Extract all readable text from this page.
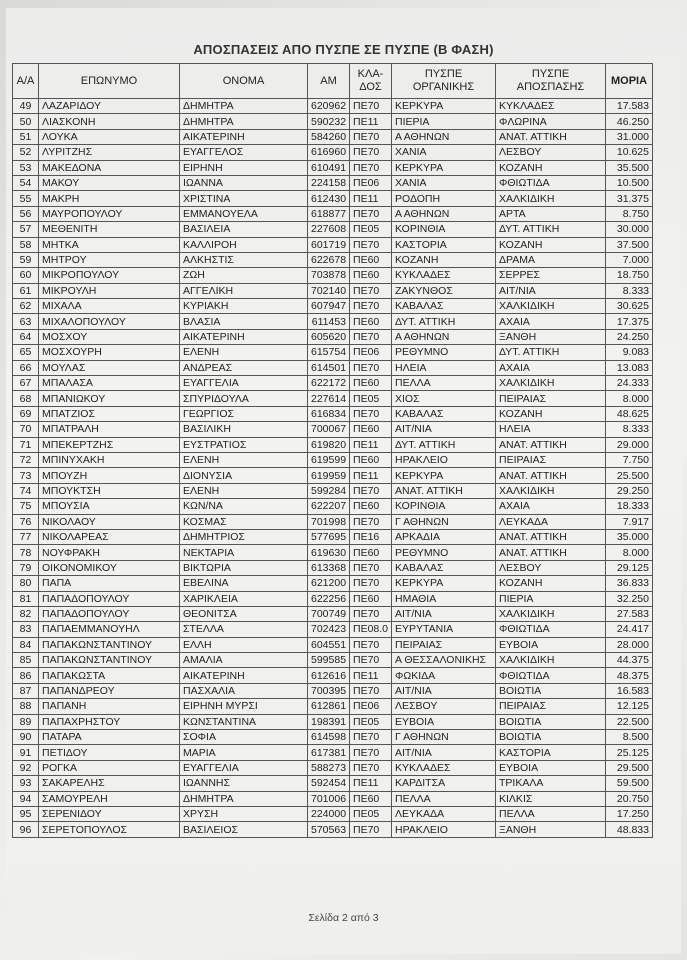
ΑΠΟΣΠΑΣΕΙΣ ΑΠΟ ΠΥΣΠΕ ΣΕ ΠΥΣΠΕ (Β ΦΑΣΗ)
Α/Α	ΕΠΩΝΥΜΟ	ΟΝΟΜΑ	ΑΜ	ΚΛΑ-ΔΟΣ	ΠΥΣΠΕ ΟΡΓΑΝΙΚΗΣ	ΠΥΣΠΕ ΑΠΟΣΠΑΣΗΣ	ΜΟΡΙΑ
49	ΛΑΖΑΡΙΔΟΥ	ΔΗΜΗΤΡΑ	620962	ΠΕ70	ΚΕΡΚΥΡΑ	ΚΥΚΛΑΔΕΣ	17.583
50	ΛΙΑΣΚΟΝΗ	ΔΗΜΗΤΡΑ	590232	ΠΕ11	ΠΙΕΡΙΑ	ΦΛΩΡΙΝΑ	46.250
51	ΛΟΥΚΑ	ΑΙΚΑΤΕΡΙΝΗ	584260	ΠΕ70	Α ΑΘΗΝΩΝ	ΑΝΑΤ. ΑΤΤΙΚΗ	31.000
52	ΛΥΡΙΤΖΗΣ	ΕΥΑΓΓΕΛΟΣ	616960	ΠΕ70	ΧΑΝΙΑ	ΛΕΣΒΟΥ	10.625
53	ΜΑΚΕΔΟΝΑ	ΕΙΡΗΝΗ	610491	ΠΕ70	ΚΕΡΚΥΡΑ	ΚΟΖΑΝΗ	35.500
54	ΜΑΚΟΥ	ΙΩΑΝΝΑ	224158	ΠΕ06	ΧΑΝΙΑ	ΦΘΙΩΤΙΔΑ	10.500
55	ΜΑΚΡΗ	ΧΡΙΣΤΙΝΑ	612430	ΠΕ11	ΡΟΔΟΠΗ	ΧΑΛΚΙΔΙΚΗ	31.375
56	ΜΑΥΡΟΠΟΥΛΟΥ	ΕΜΜΑΝΟΥΕΛΑ	618877	ΠΕ70	Α ΑΘΗΝΩΝ	ΑΡΤΑ	8.750
57	ΜΕΘΕΝΙΤΗ	ΒΑΣΙΛΕΙΑ	227608	ΠΕ05	ΚΟΡΙΝΘΙΑ	ΔΥΤ. ΑΤΤΙΚΗ	30.000
58	ΜΗΤΚΑ	ΚΑΛΛΙΡΟΗ	601719	ΠΕ70	ΚΑΣΤΟΡΙΑ	ΚΟΖΑΝΗ	37.500
59	ΜΗΤΡΟΥ	ΑΛΚΗΣΤΙΣ	622678	ΠΕ60	ΚΟΖΑΝΗ	ΔΡΑΜΑ	7.000
60	ΜΙΚΡΟΠΟΥΛΟΥ	ΖΩΗ	703878	ΠΕ60	ΚΥΚΛΑΔΕΣ	ΣΕΡΡΕΣ	18.750
61	ΜΙΚΡΟΥΛΗ	ΑΓΓΕΛΙΚΗ	702140	ΠΕ70	ΖΑΚΥΝΘΟΣ	ΑΙΤ/ΝΙΑ	8.333
62	ΜΙΧΑΛΑ	ΚΥΡΙΑΚΗ	607947	ΠΕ70	ΚΑΒΑΛΑΣ	ΧΑΛΚΙΔΙΚΗ	30.625
63	ΜΙΧΑΛΟΠΟΥΛΟΥ	ΒΛΑΣΙΑ	611453	ΠΕ60	ΔΥΤ. ΑΤΤΙΚΗ	ΑΧΑΙΑ	17.375
64	ΜΟΣΧΟΥ	ΑΙΚΑΤΕΡΙΝΗ	605620	ΠΕ70	Α ΑΘΗΝΩΝ	ΞΑΝΘΗ	24.250
65	ΜΟΣΧΟΥΡΗ	ΕΛΕΝΗ	615754	ΠΕ06	ΡΕΘΥΜΝΟ	ΔΥΤ. ΑΤΤΙΚΗ	9.083
66	ΜΟΥΛΑΣ	ΑΝΔΡΕΑΣ	614501	ΠΕ70	ΗΛΕΙΑ	ΑΧΑΙΑ	13.083
67	ΜΠΑΛΑΣΑ	ΕΥΑΓΓΕΛΙΑ	622172	ΠΕ60	ΠΕΛΛΑ	ΧΑΛΚΙΔΙΚΗ	24.333
68	ΜΠΑΝΙΩΚΟΥ	ΣΠΥΡΙΔΟΥΛΑ	227614	ΠΕ05	ΧΙΟΣ	ΠΕΙΡΑΙΑΣ	8.000
69	ΜΠΑΤΖΙΟΣ	ΓΕΩΡΓΙΟΣ	616834	ΠΕ70	ΚΑΒΑΛΑΣ	ΚΟΖΑΝΗ	48.625
70	ΜΠΑΤΡΑΛΗ	ΒΑΣΙΛΙΚΗ	700067	ΠΕ60	ΑΙΤ/ΝΙΑ	ΗΛΕΙΑ	8.333
71	ΜΠΕΚΕΡΤΖΗΣ	ΕΥΣΤΡΑΤΙΟΣ	619820	ΠΕ11	ΔΥΤ. ΑΤΤΙΚΗ	ΑΝΑΤ. ΑΤΤΙΚΗ	29.000
72	ΜΠΙΝΥΧΑΚΗ	ΕΛΕΝΗ	619599	ΠΕ60	ΗΡΑΚΛΕΙΟ	ΠΕΙΡΑΙΑΣ	7.750
73	ΜΠΟΥΖΗ	ΔΙΟΝΥΣΙΑ	619959	ΠΕ11	ΚΕΡΚΥΡΑ	ΑΝΑΤ. ΑΤΤΙΚΗ	25.500
74	ΜΠΟΥΚΤΣΗ	ΕΛΕΝΗ	599284	ΠΕ70	ΑΝΑΤ. ΑΤΤΙΚΗ	ΧΑΛΚΙΔΙΚΗ	29.250
75	ΜΠΟΥΣΙΑ	ΚΩΝ/ΝΑ	622207	ΠΕ60	ΚΟΡΙΝΘΙΑ	ΑΧΑΙΑ	18.333
76	ΝΙΚΟΛΑΟΥ	ΚΟΣΜΑΣ	701998	ΠΕ70	Γ ΑΘΗΝΩΝ	ΛΕΥΚΑΔΑ	7.917
77	ΝΙΚΟΛΑΡΕΑΣ	ΔΗΜΗΤΡΙΟΣ	577695	ΠΕ16	ΑΡΚΑΔΙΑ	ΑΝΑΤ. ΑΤΤΙΚΗ	35.000
78	ΝΟΥΦΡΑΚΗ	ΝΕΚΤΑΡΙΑ	619630	ΠΕ60	ΡΕΘΥΜΝΟ	ΑΝΑΤ. ΑΤΤΙΚΗ	8.000
79	ΟΙΚΟΝΟΜΙΚΟΥ	ΒΙΚΤΩΡΙΑ	613368	ΠΕ70	ΚΑΒΑΛΑΣ	ΛΕΣΒΟΥ	29.125
80	ΠΑΠΑ	ΕΒΕΛΙΝΑ	621200	ΠΕ70	ΚΕΡΚΥΡΑ	ΚΟΖΑΝΗ	36.833
81	ΠΑΠΑΔΟΠΟΥΛΟΥ	ΧΑΡΙΚΛΕΙΑ	622256	ΠΕ60	ΗΜΑΘΙΑ	ΠΙΕΡΙΑ	32.250
82	ΠΑΠΑΔΟΠΟΥΛΟΥ	ΘΕΟΝΙΤΣΑ	700749	ΠΕ70	ΑΙΤ/ΝΙΑ	ΧΑΛΚΙΔΙΚΗ	27.583
83	ΠΑΠΑΕΜΜΑΝΟΥΗΛ	ΣΤΕΛΛΑ	702423	ΠΕ08.0	ΕΥΡΥΤΑΝΙΑ	ΦΘΙΩΤΙΔΑ	24.417
84	ΠΑΠΑΚΩΝΣΤΑΝΤΙΝΟΥ	ΕΛΛΗ	604551	ΠΕ70	ΠΕΙΡΑΙΑΣ	ΕΥΒΟΙΑ	28.000
85	ΠΑΠΑΚΩΝΣΤΑΝΤΙΝΟΥ	ΑΜΑΛΙΑ	599585	ΠΕ70	Α ΘΕΣΣΑΛΟΝΙΚΗΣ	ΧΑΛΚΙΔΙΚΗ	44.375
86	ΠΑΠΑΚΩΣΤΑ	ΑΙΚΑΤΕΡΙΝΗ	612616	ΠΕ11	ΦΩΚΙΔΑ	ΦΘΙΩΤΙΔΑ	48.375
87	ΠΑΠΑΝΔΡΕΟΥ	ΠΑΣΧΑΛΙΑ	700395	ΠΕ70	ΑΙΤ/ΝΙΑ	ΒΟΙΩΤΙΑ	16.583
88	ΠΑΠΑΝΗ	ΕΙΡΗΝΗ ΜΥΡΣΙ	612861	ΠΕ06	ΛΕΣΒΟΥ	ΠΕΙΡΑΙΑΣ	12.125
89	ΠΑΠΑΧΡΗΣΤΟΥ	ΚΩΝΣΤΑΝΤΙΝΑ	198391	ΠΕ05	ΕΥΒΟΙΑ	ΒΟΙΩΤΙΑ	22.500
90	ΠΑΤΑΡΑ	ΣΟΦΙΑ	614598	ΠΕ70	Γ ΑΘΗΝΩΝ	ΒΟΙΩΤΙΑ	8.500
91	ΠΕΤΙΔΟΥ	ΜΑΡΙΑ	617381	ΠΕ70	ΑΙΤ/ΝΙΑ	ΚΑΣΤΟΡΙΑ	25.125
92	ΡΟΓΚΑ	ΕΥΑΓΓΕΛΙΑ	588273	ΠΕ70	ΚΥΚΛΑΔΕΣ	ΕΥΒΟΙΑ	29.500
93	ΣΑΚΑΡΕΛΗΣ	ΙΩΑΝΝΗΣ	592454	ΠΕ11	ΚΑΡΔΙΤΣΑ	ΤΡΙΚΑΛΑ	59.500
94	ΣΑΜΟΥΡΕΛΗ	ΔΗΜΗΤΡΑ	701006	ΠΕ60	ΠΕΛΛΑ	ΚΙΛΚΙΣ	20.750
95	ΣΕΡΕΝΙΔΟΥ	ΧΡΥΣΗ	224000	ΠΕ05	ΛΕΥΚΑΔΑ	ΠΕΛΛΑ	17.250
96	ΣΕΡΕΤΟΠΟΥΛΟΣ	ΒΑΣΙΛΕΙΟΣ	570563	ΠΕ70	ΗΡΑΚΛΕΙΟ	ΞΑΝΘΗ	48.833
Σελίδα 2 από 3
